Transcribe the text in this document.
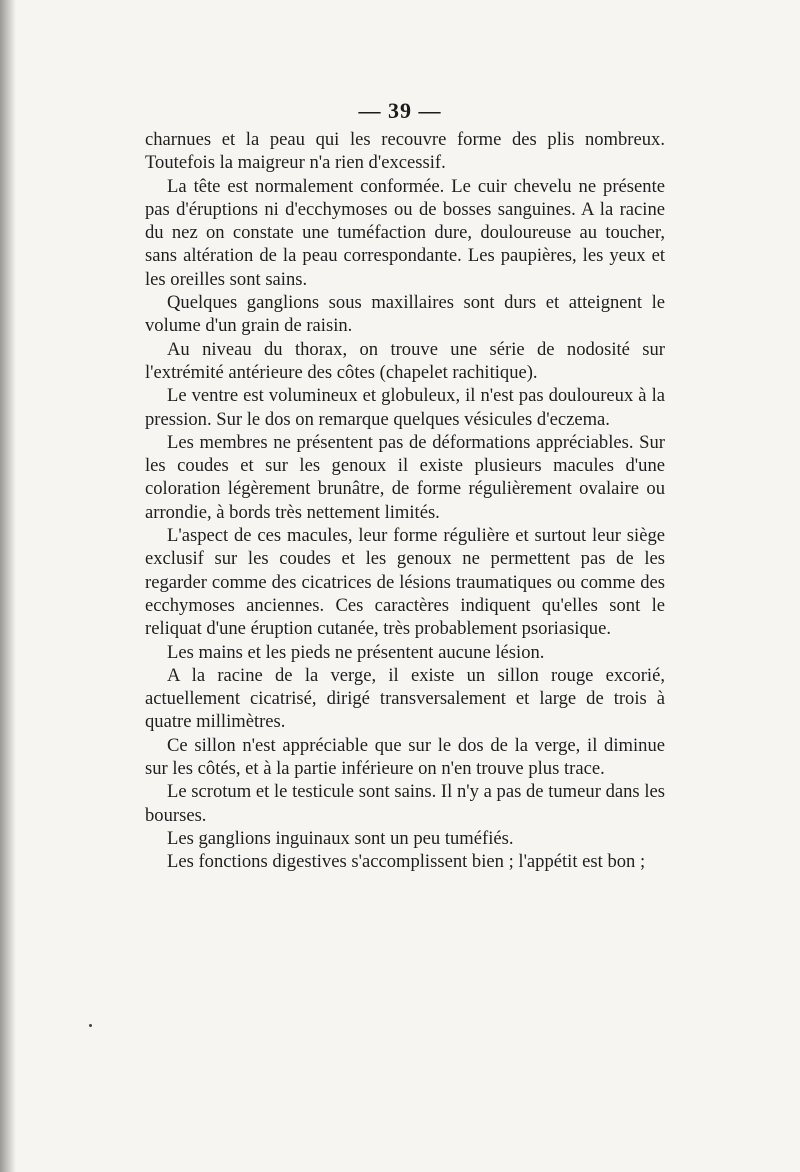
— 39 —

charnues et la peau qui les recouvre forme des plis nombreux. Toutefois la maigreur n'a rien d'excessif.

La tête est normalement conformée. Le cuir chevelu ne présente pas d'éruptions ni d'ecchymoses ou de bosses sanguines. A la racine du nez on constate une tuméfaction dure, douloureuse au toucher, sans altération de la peau correspondante. Les paupières, les yeux et les oreilles sont sains.

Quelques ganglions sous maxillaires sont durs et atteignent le volume d'un grain de raisin.

Au niveau du thorax, on trouve une série de nodosité sur l'extrémité antérieure des côtes (chapelet rachitique).

Le ventre est volumineux et globuleux, il n'est pas douloureux à la pression. Sur le dos on remarque quelques vésicules d'eczema.

Les membres ne présentent pas de déformations appréciables. Sur les coudes et sur les genoux il existe plusieurs macules d'une coloration légèrement brunâtre, de forme régulièrement ovalaire ou arrondie, à bords très nettement limités.

L'aspect de ces macules, leur forme régulière et surtout leur siège exclusif sur les coudes et les genoux ne permettent pas de les regarder comme des cicatrices de lésions traumatiques ou comme des ecchymoses anciennes. Ces caractères indiquent qu'elles sont le reliquat d'une éruption cutanée, très probablement psoriasique.

Les mains et les pieds ne présentent aucune lésion.

A la racine de la verge, il existe un sillon rouge excorié, actuellement cicatrisé, dirigé transversalement et large de trois à quatre millimètres.

Ce sillon n'est appréciable que sur le dos de la verge, il diminue sur les côtés, et à la partie inférieure on n'en trouve plus trace.

Le scrotum et le testicule sont sains. Il n'y a pas de tumeur dans les bourses.

Les ganglions inguinaux sont un peu tuméfiés.

Les fonctions digestives s'accomplissent bien ; l'appétit est bon ;
